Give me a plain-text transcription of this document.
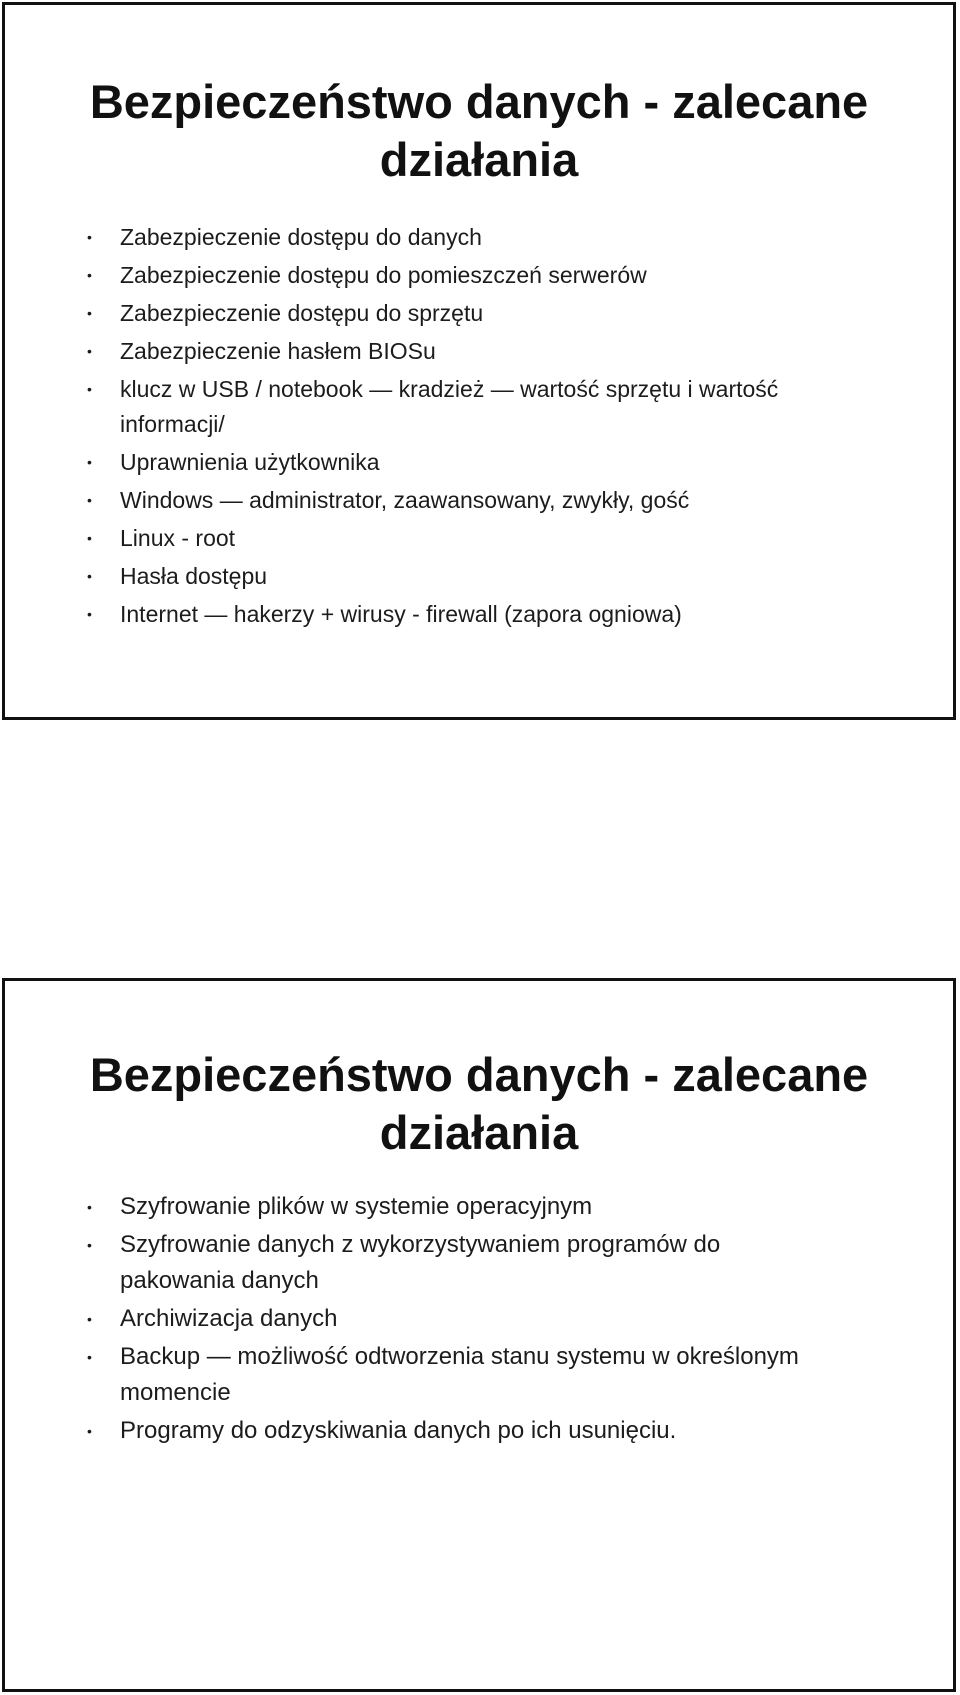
Bezpieczeństwo danych - zalecane
działania
• Zabezpieczenie dostępu do danych
• Zabezpieczenie dostępu do pomieszczeń serwerów
• Zabezpieczenie dostępu do sprzętu
• Zabezpieczenie hasłem BIOSu
• klucz w USB / notebook — kradzież — wartość sprzętu i wartość informacji/
• Uprawnienia użytkownika
• Windows — administrator, zaawansowany, zwykły, gość
• Linux - root
• Hasła dostępu
• Internet — hakerzy + wirusy - firewall (zapora ogniowa)
Bezpieczeństwo danych - zalecane
działania
• Szyfrowanie plików w systemie operacyjnym
• Szyfrowanie danych z wykorzystywaniem programów do pakowania danych
• Archiwizacja danych
• Backup — możliwość odtworzenia stanu systemu w określonym momencie
• Programy do odzyskiwania danych po ich usunięciu.
